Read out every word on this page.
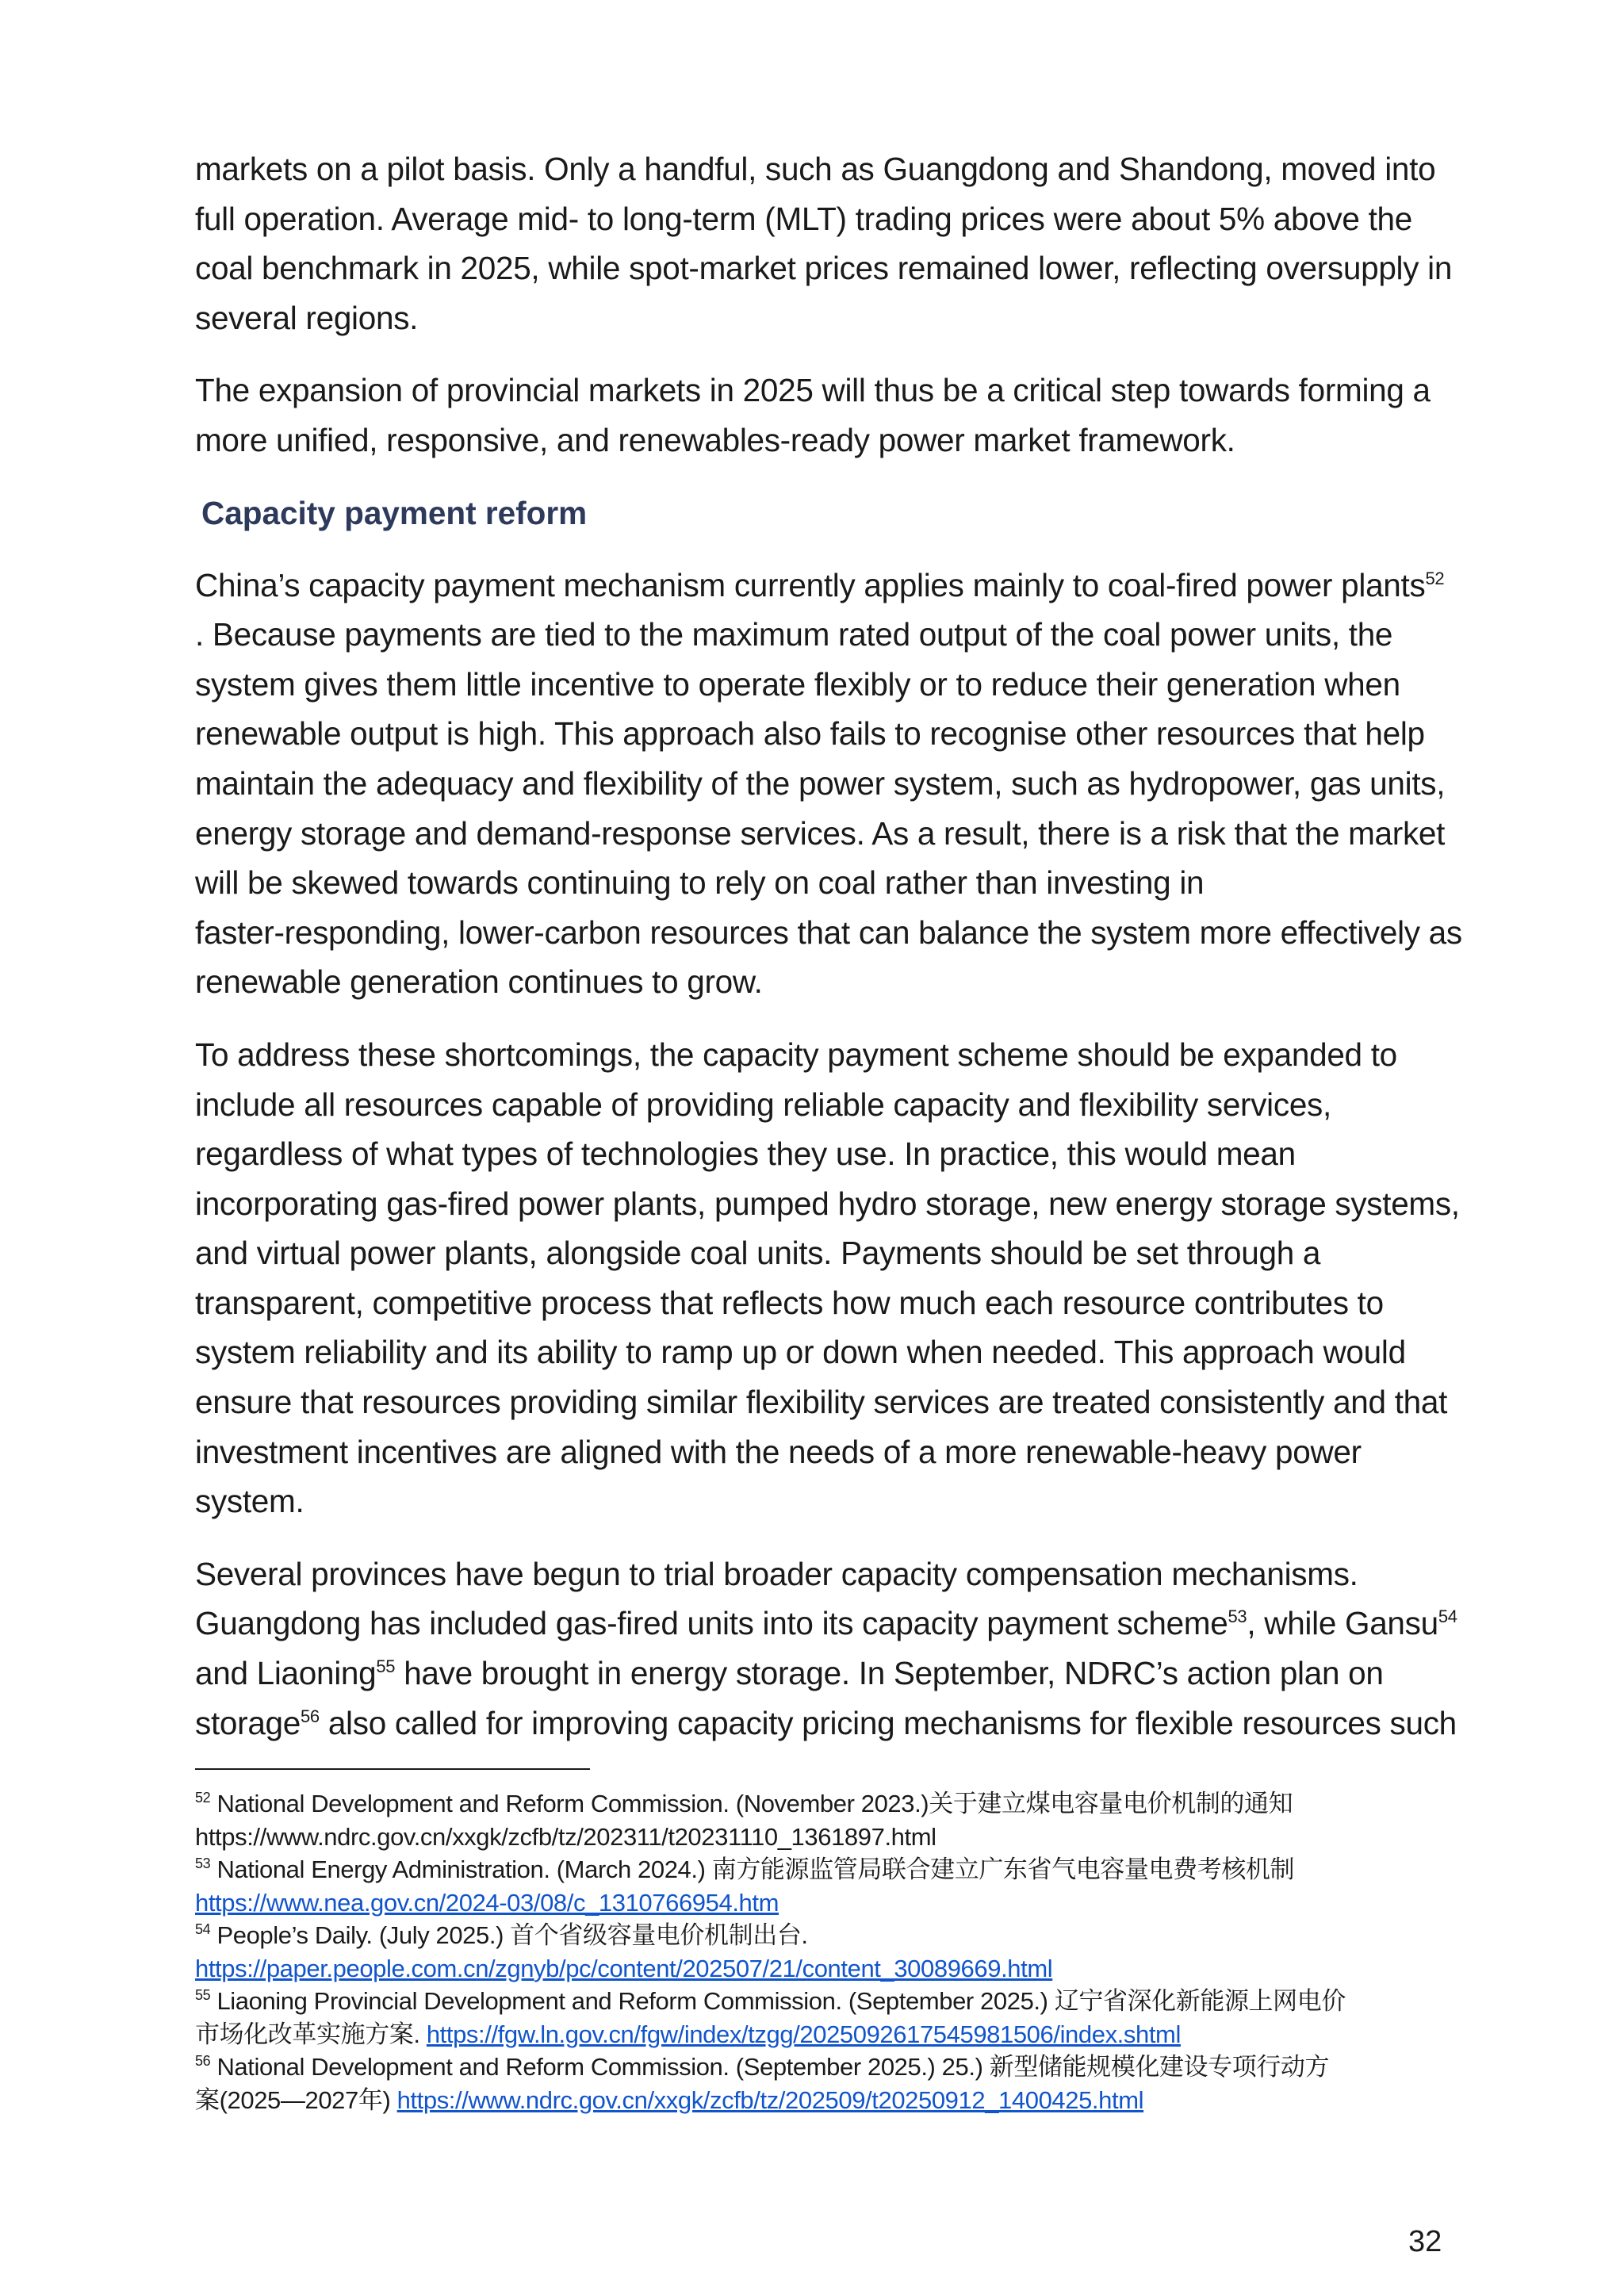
markets on a pilot basis. Only a handful, such as Guangdong and Shandong, moved into
full operation. Average mid- to long-term (MLT) trading prices were about 5% above the
coal benchmark in 2025, while spot-market prices remained lower, reflecting oversupply in
several regions.

The expansion of provincial markets in 2025 will thus be a critical step towards forming a
more unified, responsive, and renewables-ready power market framework.

Capacity payment reform

China’s capacity payment mechanism currently applies mainly to coal-fired power plants$^{52}$
. Because payments are tied to the maximum rated output of the coal power units, the
system gives them little incentive to operate flexibly or to reduce their generation when
renewable output is high. This approach also fails to recognise other resources that help
maintain the adequacy and flexibility of the power system, such as hydropower, gas units,
energy storage and demand-response services. As a result, there is a risk that the market
will be skewed towards continuing to rely on coal rather than investing in
faster-responding, lower-carbon resources that can balance the system more effectively as
renewable generation continues to grow.

To address these shortcomings, the capacity payment scheme should be expanded to
include all resources capable of providing reliable capacity and flexibility services,
regardless of what types of technologies they use. In practice, this would mean
incorporating gas-fired power plants, pumped hydro storage, new energy storage systems,
and virtual power plants, alongside coal units. Payments should be set through a
transparent, competitive process that reflects how much each resource contributes to
system reliability and its ability to ramp up or down when needed. This approach would
ensure that resources providing similar flexibility services are treated consistently and that
investment incentives are aligned with the needs of a more renewable-heavy power
system.

Several provinces have begun to trial broader capacity compensation mechanisms.
Guangdong has included gas-fired units into its capacity payment scheme$^{53}$, while Gansu$^{54}$
and Liaoning$^{55}$ have brought in energy storage. In September, NDRC’s action plan on
storage$^{56}$ also called for improving capacity pricing mechanisms for flexible resources such

$^{52}$ National Development and Reform Commission. (November 2023.)关于建立煤电容量电价机制的通知
https://www.ndrc.gov.cn/xxgk/zcfb/tz/202311/t20231110_1361897.html
$^{53}$ National Energy Administration. (March 2024.) 南方能源监管局联合建立广东省气电容量电费考核机制
https://www.nea.gov.cn/2024-03/08/c_1310766954.htm
$^{54}$ People’s Daily. (July 2025.) 首个省级容量电价机制出台.
https://paper.people.com.cn/zgnyb/pc/content/202507/21/content_30089669.html
$^{55}$ Liaoning Provincial Development and Reform Commission. (September 2025.) 辽宁省深化新能源上网电价
市场化改革实施方案. https://fgw.ln.gov.cn/fgw/index/tzgg/2025092617545981506/index.shtml
$^{56}$ National Development and Reform Commission. (September 2025.) 25.) 新型储能规模化建设专项行动方
案(2025—2027年) https://www.ndrc.gov.cn/xxgk/zcfb/tz/202509/t20250912_1400425.html
32
